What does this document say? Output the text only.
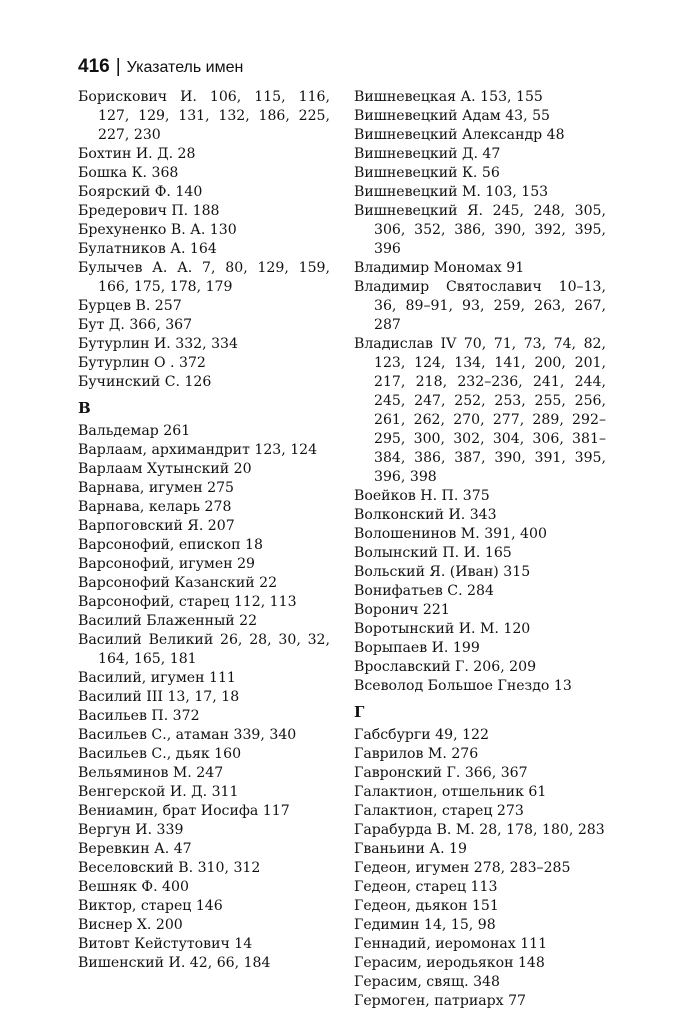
416 | Указатель имен
Борискович И. 106, 115, 116, 127, 129, 131, 132, 186, 225, 227, 230
Бохтин И. Д. 28
Бошка К. 368
Боярский Ф. 140
Бредерович П. 188
Брехуненко В. А. 130
Булатников А. 164
Булычев А. А. 7, 80, 129, 159, 166, 175, 178, 179
Бурцев В. 257
Бут Д. 366, 367
Бутурлин И. 332, 334
Бутурлин О . 372
Бучинский С. 126
В
Вальдемар 261
Варлаам, архимандрит 123, 124
Варлаам Хутынский 20
Варнава, игумен 275
Варнава, келарь 278
Варпоговский Я. 207
Варсонофий, епископ 18
Варсонофий, игумен 29
Варсонофий Казанский 22
Варсонофий, старец 112, 113
Василий Блаженный 22
Василий Великий 26, 28, 30, 32, 164, 165, 181
Василий, игумен 111
Василий III 13, 17, 18
Васильев П. 372
Васильев С., атаман 339, 340
Васильев С., дьяк 160
Вельяминов М. 247
Венгерской И. Д. 311
Вениамин, брат Иосифа 117
Вергун И. 339
Веревкин А. 47
Веселовский В. 310, 312
Вешняк Ф. 400
Виктор, старец 146
Виснер Х. 200
Витовт Кейстутович 14
Вишенский И. 42, 66, 184
Вишневецкая А. 153, 155
Вишневецкий Адам 43, 55
Вишневецкий Александр 48
Вишневецкий Д. 47
Вишневецкий К. 56
Вишневецкий М. 103, 153
Вишневецкий Я. 245, 248, 305, 306, 352, 386, 390, 392, 395, 396
Владимир Мономах 91
Владимир Святославич 10–13, 36, 89–91, 93, 259, 263, 267, 287
Владислав IV 70, 71, 73, 74, 82, 123, 124, 134, 141, 200, 201, 217, 218, 232–236, 241, 244, 245, 247, 252, 253, 255, 256, 261, 262, 270, 277, 289, 292–295, 300, 302, 304, 306, 381–384, 386, 387, 390, 391, 395, 396, 398
Воейков Н. П. 375
Волконский И. 343
Волошенинов М. 391, 400
Волынский П. И. 165
Вольский Я. (Иван) 315
Вонифатьев С. 284
Воронич 221
Воротынский И. М. 120
Ворыпаев И. 199
Врославский Г. 206, 209
Всеволод Большое Гнездо 13
Г
Габсбурги 49, 122
Гаврилов М. 276
Гавронский Г. 366, 367
Галактион, отшельник 61
Галактион, старец 273
Гарабурда В. М. 28, 178, 180, 283
Гваньини А. 19
Гедеон, игумен 278, 283–285
Гедеон, старец 113
Гедеон, дьякон 151
Гедимин 14, 15, 98
Геннадий, иеромонах 111
Герасим, иеродьякон 148
Герасим, свящ. 348
Гермоген, патриарх 77
